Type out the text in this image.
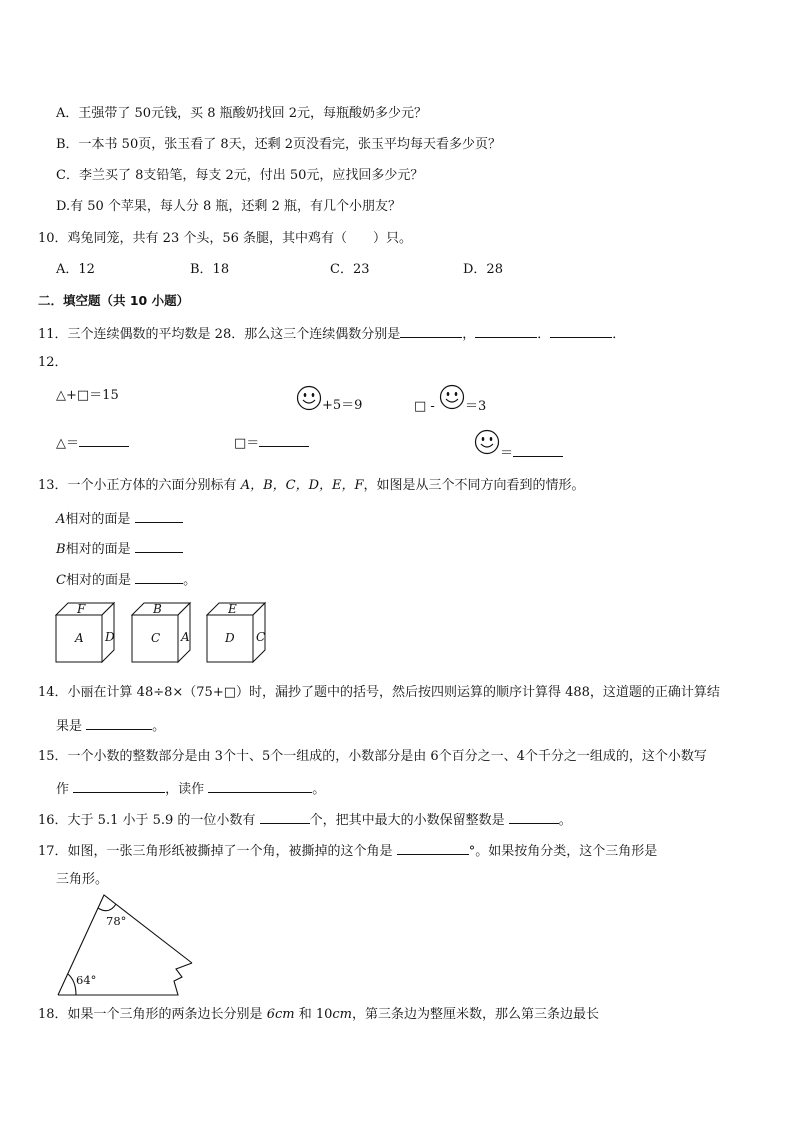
A．王强带了 50元钱，买 8 瓶酸奶找回 2元，每瓶酸奶多少元？
B．一本书 50页，张玉看了 8天，还剩 2页没看完，张玉平均每天看多少页？
C．李兰买了 8支铅笔，每支 2元，付出 50元，应找回多少元？
D.有 50 个苹果，每人分 8 瓶，还剩 2 瓶，有几个小朋友？
10．鸡兔同笼，共有 23 个头，56 条腿，其中鸡有（　　）只。
A．12	B．18	C．23	D．28
二．填空题（共 10 小题）
11．三个连续偶数的平均数是 28．那么这三个连续偶数分别是	，	．	．
12．
△+□＝15
+5＝9	□ - ＝3
△＝	□＝
＝
13．一个小正方体的六面分别标有 A，B，C，D，E，F，如图是从三个不同方向看到的情形。
A相对的面是
B相对的面是
C相对的面是	。
F
A D
B
C A
E
D C
14．小丽在计算 48÷8×（75+□）时，漏抄了题中的括号，然后按四则运算的顺序计算得 488，这道题的正确计算结
果是	。
15．一个小数的整数部分是由 3个十、5个一组成的，小数部分是由 6个百分之一、4个千分之一组成的，这个小数写
作	，读作	。
16．大于 5.1 小于 5.9 的一位小数有	个，把其中最大的小数保留整数是	。
17．如图，一张三角形纸被撕掉了一个角，被撕掉的这个角是	°。如果按角分类，这个三角形是
三角形。
78°
64°
18．如果一个三角形的两条边长分别是 6cm 和 10cm，第三条边为整厘米数，那么第三条边最长
